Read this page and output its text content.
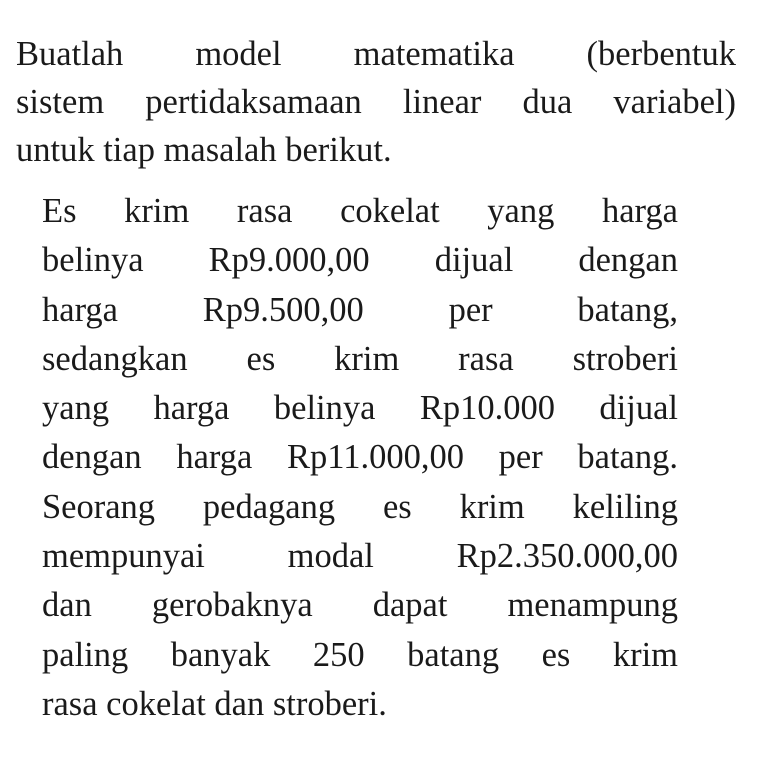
Buatlah model matematika (berbentuk
sistem pertidaksamaan linear dua variabel)
untuk tiap masalah berikut.
Es krim rasa cokelat yang harga
belinya Rp9.000,00 dijual dengan
harga Rp9.500,00 per batang,
sedangkan es krim rasa stroberi
yang harga belinya Rp10.000 dijual
dengan harga Rp11.000,00 per batang.
Seorang pedagang es krim keliling
mempunyai modal Rp2.350.000,00
dan gerobaknya dapat menampung
paling banyak 250 batang es krim
rasa cokelat dan stroberi.
